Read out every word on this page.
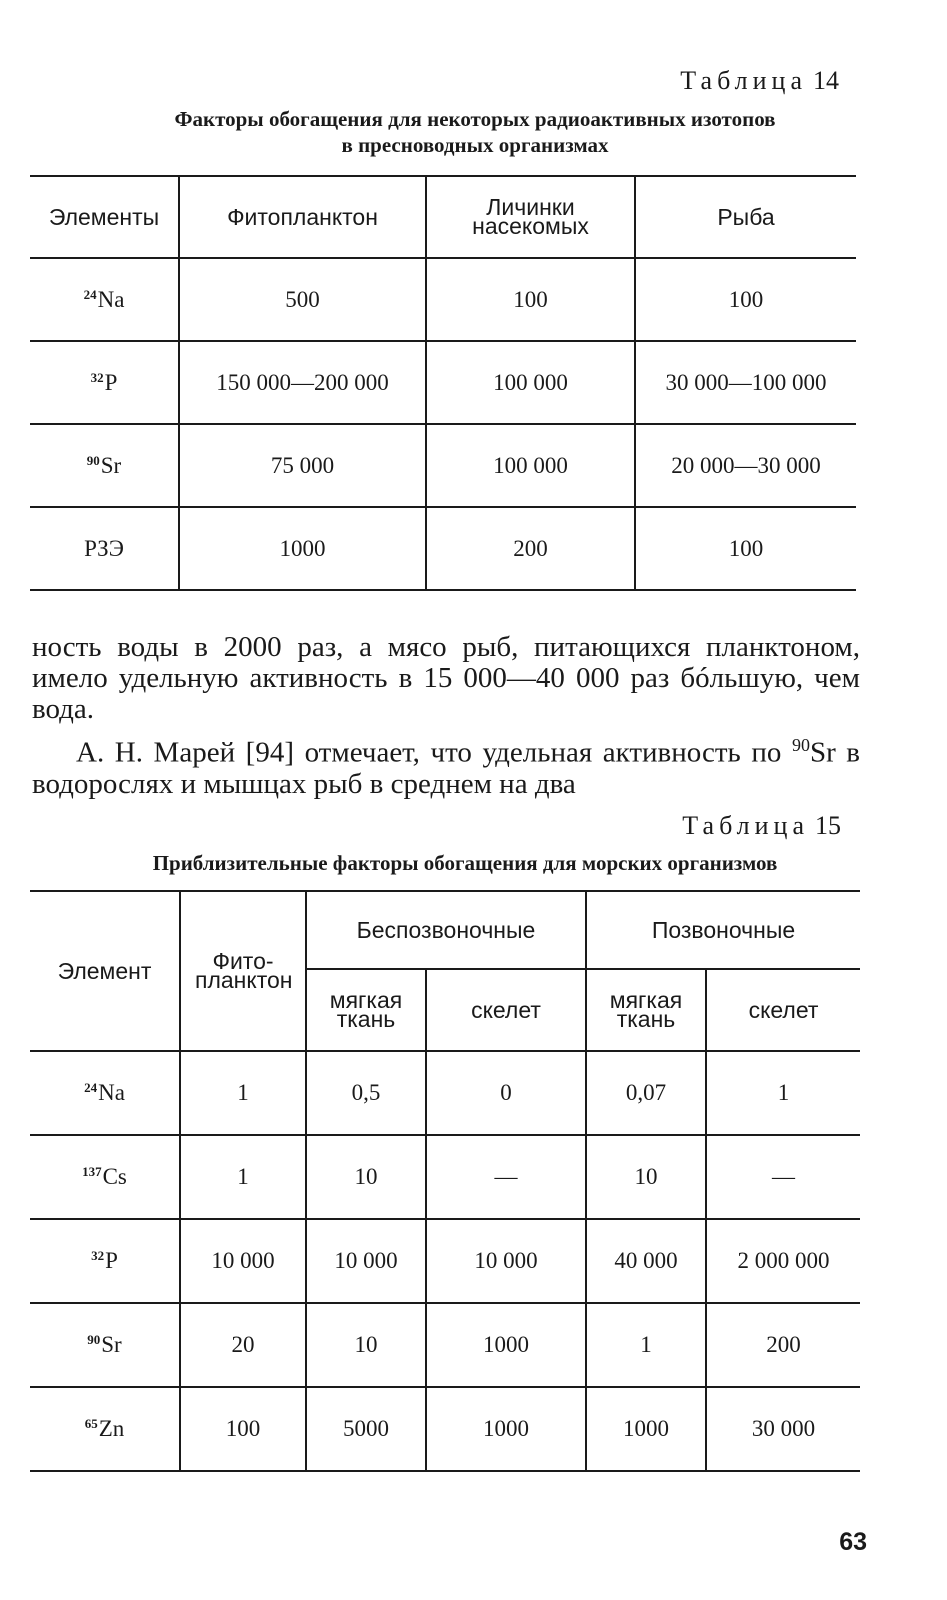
Таблица 14
Факторы обогащения для некоторых радиоактивных изотопов
в пресноводных организмах
Элементы	Фитопланктон	Личинки насекомых	Рыба
$^{24}$Na	500	100	100
$^{32}$P	150 000—200 000	100 000	30 000—100 000
$^{90}$Sr	75 000	100 000	20 000—30 000
РЗЭ	1000	200	100
ность воды в 2000 раз, а мясо рыб, питающихся планктоном, имело удельную активность в 15 000—40 000 раз бóльшую, чем вода.
А. Н. Марей [94] отмечает, что удельная активность по $^{90}$Sr в водорослях и мышцах рыб в среднем на два
Таблица 15
Приблизительные факторы обогащения для морских организмов
Элемент	Фито-планктон	Беспозвоночные		Позвоночные	

		мягкая ткань	скелет	мягкая ткань	скелет
$^{24}$Na	1	0,5	0	0,07	1
$^{137}$Cs	1	10	—	10	—
$^{32}$P	10 000	10 000	10 000	40 000	2 000 000
$^{90}$Sr	20	10	1000	1	200
$^{65}$Zn	100	5000	1000	1000	30 000
63
